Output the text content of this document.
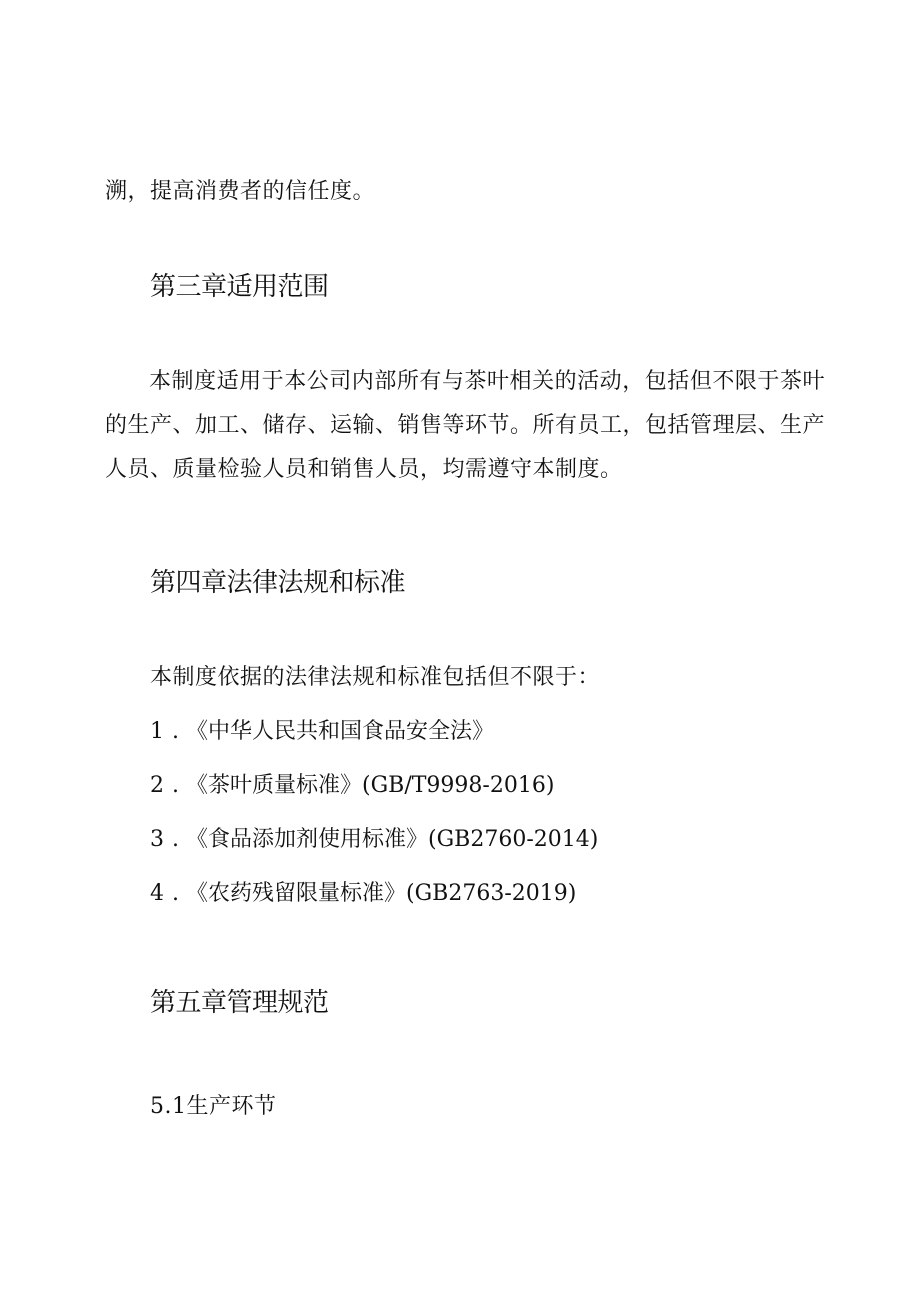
溯，提高消费者的信任度。
第三章适用范围

本制度适用于本公司内部所有与茶叶相关的活动，包括但不限于茶叶的生产、加工、储存、运输、销售等环节。所有员工，包括管理层、生产人员、质量检验人员和销售人员，均需遵守本制度。

第四章法律法规和标准
本制度依据的法律法规和标准包括但不限于：
1 . 《中华人民共和国食品安全法》
2 . 《茶叶质量标准》(GB/T9998-2016)
3 . 《食品添加剂使用标准》(GB2760-2014)
4 . 《农药残留限量标准》(GB2763-2019)
第五章管理规范
5.1生产环节
